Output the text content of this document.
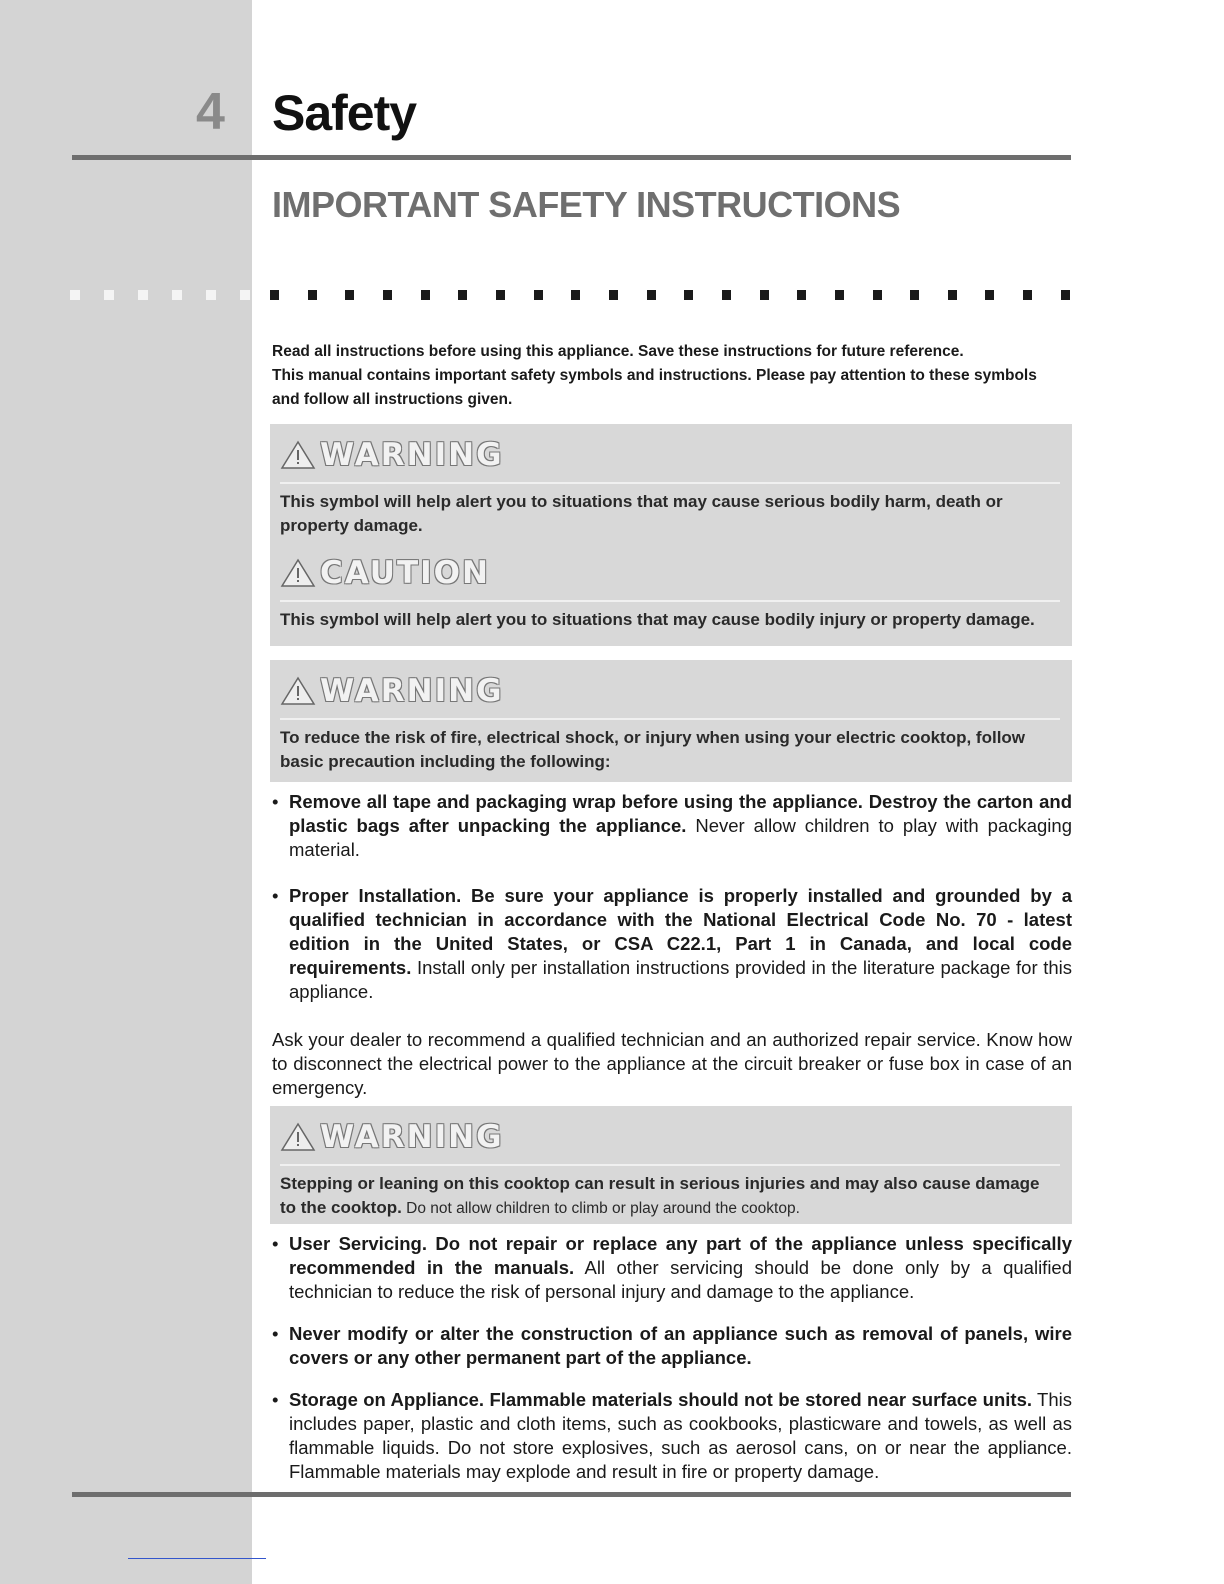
4 Safety
IMPORTANT SAFETY INSTRUCTIONS

Read all instructions before using this appliance. Save these instructions for future reference.

This manual contains important safety symbols and instructions. Please pay attention to these symbols and follow all instructions given.

WARNING
This symbol will help alert you to situations that may cause serious bodily harm, death or property damage.
CAUTION
This symbol will help alert you to situations that may cause bodily injury or property damage.
WARNING
To reduce the risk of fire, electrical shock, or injury when using your electric cooktop, follow basic precaution including the following:
• Remove all tape and packaging wrap before using the appliance. Destroy the carton and plastic bags after unpacking the appliance. Never allow children to play with packaging material.
• Proper Installation. Be sure your appliance is properly installed and grounded by a qualified technician in accordance with the National Electrical Code No. 70 - latest edition in the United States, or CSA C22.1, Part 1 in Canada, and local code requirements. Install only per installation instructions provided in the literature package for this appliance.
Ask your dealer to recommend a qualified technician and an authorized repair service. Know how to disconnect the electrical power to the appliance at the circuit breaker or fuse box in case of an emergency.
WARNING
Stepping or leaning on this cooktop can result in serious injuries and may also cause damage to the cooktop. Do not allow children to climb or play around the cooktop.
• User Servicing. Do not repair or replace any part of the appliance unless specifically recommended in the manuals. All other servicing should be done only by a qualified technician to reduce the risk of personal injury and damage to the appliance.
• Never modify or alter the construction of an appliance such as removal of panels, wire covers or any other permanent part of the appliance.
• Storage on Appliance. Flammable materials should not be stored near surface units. This includes paper, plastic and cloth items, such as cookbooks, plasticware and towels, as well as flammable liquids. Do not store explosives, such as aerosol cans, on or near the appliance. Flammable materials may explode and result in fire or property damage.
